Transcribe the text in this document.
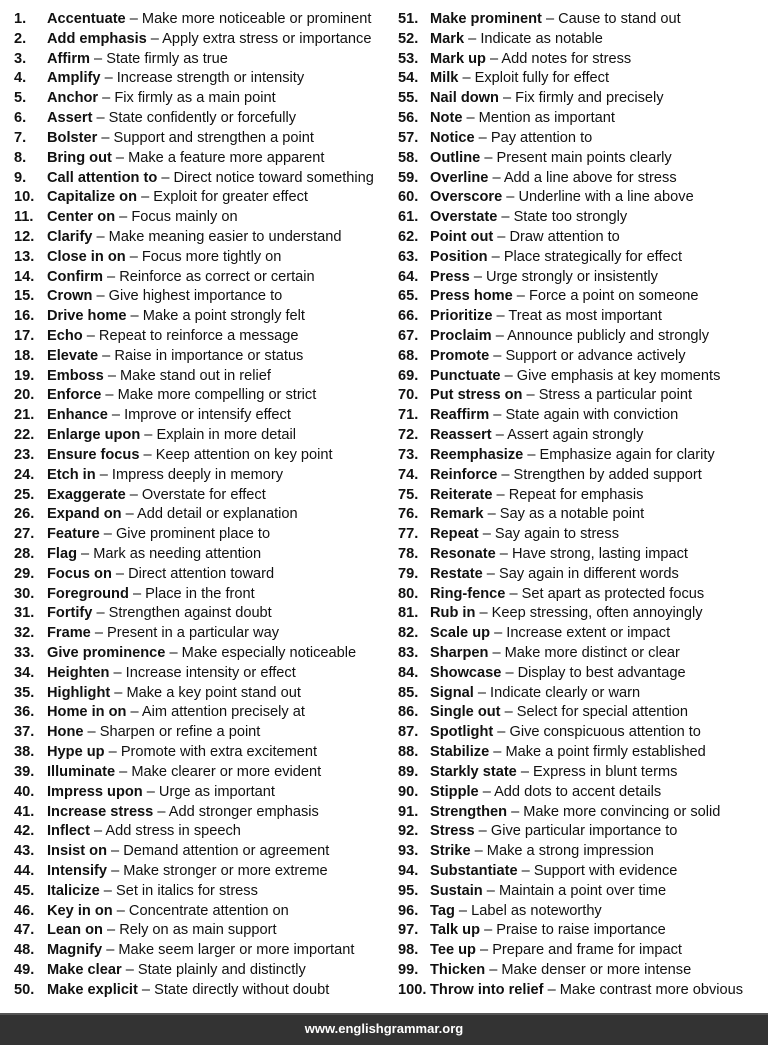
1. Accentuate – Make more noticeable or prominent
2. Add emphasis – Apply extra stress or importance
3. Affirm – State firmly as true
4. Amplify – Increase strength or intensity
5. Anchor – Fix firmly as a main point
6. Assert – State confidently or forcefully
7. Bolster – Support and strengthen a point
8. Bring out – Make a feature more apparent
9. Call attention to – Direct notice toward something
10. Capitalize on – Exploit for greater effect
11. Center on – Focus mainly on
12. Clarify – Make meaning easier to understand
13. Close in on – Focus more tightly on
14. Confirm – Reinforce as correct or certain
15. Crown – Give highest importance to
16. Drive home – Make a point strongly felt
17. Echo – Repeat to reinforce a message
18. Elevate – Raise in importance or status
19. Emboss – Make stand out in relief
20. Enforce – Make more compelling or strict
21. Enhance – Improve or intensify effect
22. Enlarge upon – Explain in more detail
23. Ensure focus – Keep attention on key point
24. Etch in – Impress deeply in memory
25. Exaggerate – Overstate for effect
26. Expand on – Add detail or explanation
27. Feature – Give prominent place to
28. Flag – Mark as needing attention
29. Focus on – Direct attention toward
30. Foreground – Place in the front
31. Fortify – Strengthen against doubt
32. Frame – Present in a particular way
33. Give prominence – Make especially noticeable
34. Heighten – Increase intensity or effect
35. Highlight – Make a key point stand out
36. Home in on – Aim attention precisely at
37. Hone – Sharpen or refine a point
38. Hype up – Promote with extra excitement
39. Illuminate – Make clearer or more evident
40. Impress upon – Urge as important
41. Increase stress – Add stronger emphasis
42. Inflect – Add stress in speech
43. Insist on – Demand attention or agreement
44. Intensify – Make stronger or more extreme
45. Italicize – Set in italics for stress
46. Key in on – Concentrate attention on
47. Lean on – Rely on as main support
48. Magnify – Make seem larger or more important
49. Make clear – State plainly and distinctly
50. Make explicit – State directly without doubt
51. Make prominent – Cause to stand out
52. Mark – Indicate as notable
53. Mark up – Add notes for stress
54. Milk – Exploit fully for effect
55. Nail down – Fix firmly and precisely
56. Note – Mention as important
57. Notice – Pay attention to
58. Outline – Present main points clearly
59. Overline – Add a line above for stress
60. Overscore – Underline with a line above
61. Overstate – State too strongly
62. Point out – Draw attention to
63. Position – Place strategically for effect
64. Press – Urge strongly or insistently
65. Press home – Force a point on someone
66. Prioritize – Treat as most important
67. Proclaim – Announce publicly and strongly
68. Promote – Support or advance actively
69. Punctuate – Give emphasis at key moments
70. Put stress on – Stress a particular point
71. Reaffirm – State again with conviction
72. Reassert – Assert again strongly
73. Reemphasize – Emphasize again for clarity
74. Reinforce – Strengthen by added support
75. Reiterate – Repeat for emphasis
76. Remark – Say as a notable point
77. Repeat – Say again to stress
78. Resonate – Have strong, lasting impact
79. Restate – Say again in different words
80. Ring-fence – Set apart as protected focus
81. Rub in – Keep stressing, often annoyingly
82. Scale up – Increase extent or impact
83. Sharpen – Make more distinct or clear
84. Showcase – Display to best advantage
85. Signal – Indicate clearly or warn
86. Single out – Select for special attention
87. Spotlight – Give conspicuous attention to
88. Stabilize – Make a point firmly established
89. Starkly state – Express in blunt terms
90. Stipple – Add dots to accent details
91. Strengthen – Make more convincing or solid
92. Stress – Give particular importance to
93. Strike – Make a strong impression
94. Substantiate – Support with evidence
95. Sustain – Maintain a point over time
96. Tag – Label as noteworthy
97. Talk up – Praise to raise importance
98. Tee up – Prepare and frame for impact
99. Thicken – Make denser or more intense
100. Throw into relief – Make contrast more obvious
www.englishgrammar.org
